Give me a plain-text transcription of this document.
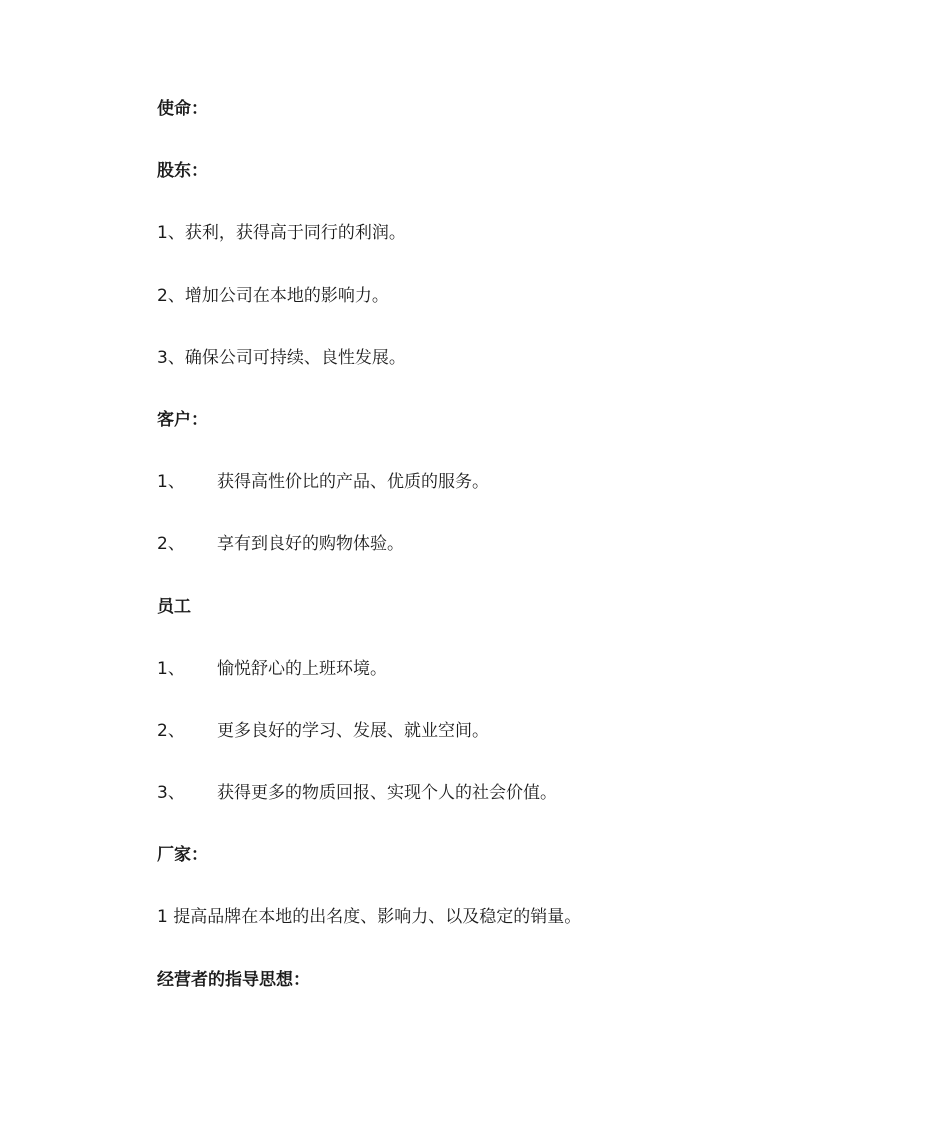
使命：
股东：
1、获利，获得高于同行的利润。
2、增加公司在本地的影响力。
3、确保公司可持续、良性发展。
客户：
1、 获得高性价比的产品、优质的服务。
2、 享有到良好的购物体验。
员工
1、 愉悦舒心的上班环境。
2、 更多良好的学习、发展、就业空间。
3、 获得更多的物质回报、实现个人的社会价值。
厂家：
1 提高品牌在本地的出名度、影响力、以及稳定的销量。
经营者的指导思想：
